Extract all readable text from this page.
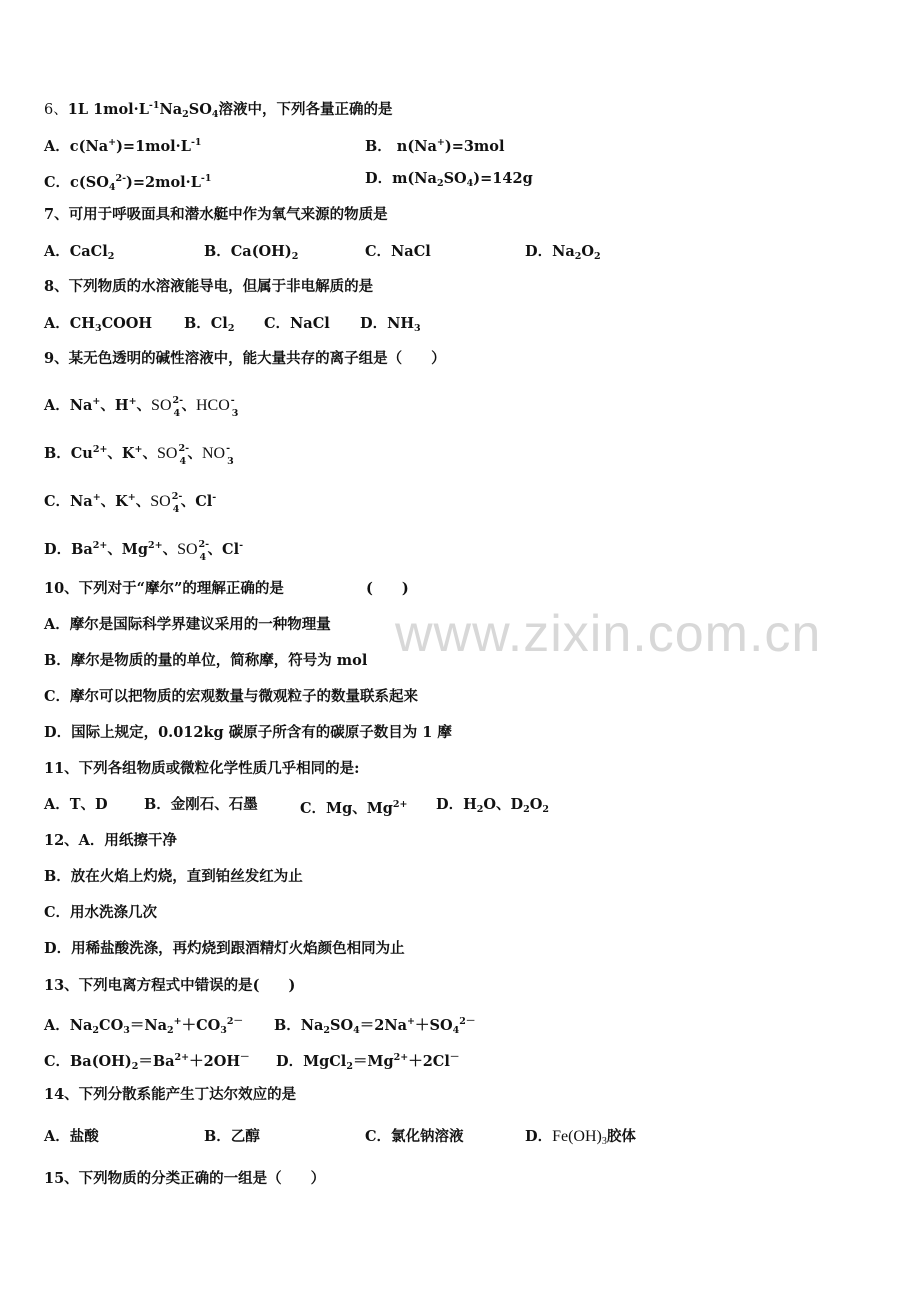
www.zixin.com.cn
6、1L $1mol\cdot L^{-1}Na_2SO_4$溶液中，下列各量正确的是
A．$c(Na^+)=1mol\cdot L^{-1}$	B． n(Na+)=3mol
C．$c(SO_4^{2-})=2mol\cdot L^{-1}$	D．$m(Na_2SO_4)=142g$
7、可用于呼吸面具和潜水艇中作为氧气来源的物质是
A．CaCl$_2$	B．$Ca(OH)_2$	C．NaCl	D．$Na_2O_2$
8、下列物质的水溶液能导电，但属于非电解质的是
A．$CH_3COOH$ B．$Cl_2$ C．NaCl D．$NH_3$
9、某无色透明的碱性溶液中，能大量共存的离子组是（　　）
A．Na+、H+、SO 2-
4 、HCO -
3
B．$Cu^{2+}$、K+、SO 2-
4 、NO -
3
C．Na+、K+、SO 2-
4 、Cl-
D．$Ba^{2+}$、$Mg^{2+}$、SO 2-
4 、Cl-
10、下列对于“摩尔”的理解正确的是	(　　)
A．摩尔是国际科学界建议采用的一种物理量
B．摩尔是物质的量的单位，简称摩，符号为 mol
C．摩尔可以把物质的宏观数量与微观粒子的数量联系起来
D．国际上规定，0.012kg 碳原子所含有的碳原子数目为 1 摩
11、下列各组物质或微粒化学性质几乎相同的是:
A．T、D	B．金刚石、石墨	C．Mg、$Mg^{2+}$ D．$H_2O$、$D_2O_2$
12、A．用纸擦干净
B．放在火焰上灼烧，直到铂丝发红为止
C．用水洗涤几次
D．用稀盐酸洗涤，再灼烧到跟酒精灯火焰颜色相同为止
13、下列电离方程式中错误的是(　　)
A．$Na_2CO_3=Na_2^++CO_3^{2-}$ B．$Na_2SO_4=2Na^++SO_4^{2-}$
C．$Ba(OH)_2=Ba^{2+}+2OH^-$ D．$MgCl_2=Mg^{2+}+2Cl^-$
14、下列分散系能产生丁达尔效应的是
A．盐酸	B．乙醇	C．氯化钠溶液	D．$Fe(OH)_3$胶体
15、下列物质的分类正确的一组是（　　）
